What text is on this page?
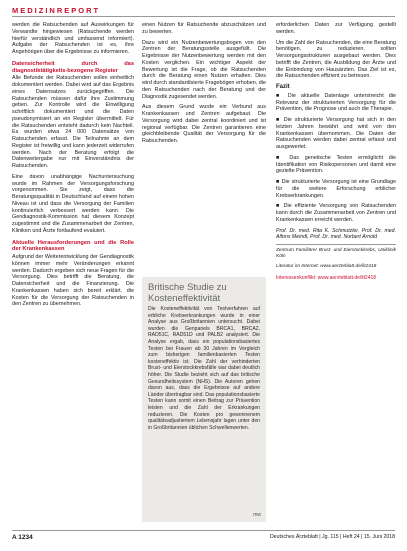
MEDIZINREPORT

werden die Ratsuchenden auf Auswirkungen für Verwandte hingewiesen (Ratsuchende werden hierfür verständlich und umfassend informiert). Aufgabe der Ratsuchenden ist es, ihre Angehörigen über die Ergebnisse zu informieren.

Datensicherheit durch das diagnostiktätigkeits-bezogene Register

Alle Befunde der Ratsuchenden sollen einheitlich dokumentiert werden. Dabei wird auf das Ergebnis eines Datensatzes zurückgegriffen. Die Ratsuchenden müssen dafür ihre Zustimmung geben. Zur Kontrolle wird die Einwilligung schriftlich dokumentiert und die Daten pseudonymisiert an ein Register übermittelt. Für die Ratsuchenden entsteht dadurch kein Nachteil. Es wurden etwa 24 000 Datensätze von Ratsuchenden erfasst. Die Teilnahme an dem Register ist freiwillig und kann jederzeit widerrufen werden. Nach der Beratung erfolgt die Datenweitergabe nur mit Einverständnis der Ratsuchenden.

Eine davon unabhängige Nachuntersuchung wurde im Rahmen der Versorgungsforschung vorgenommen. Sie zeigt, dass die Beratungsqualität in Deutschland auf einem hohen Niveau ist und dass die Versorgung der Familien kontinuierlich verbessert werden kann. Die Gendiagnostik-Kommission hat diesem Konzept zugestimmt und die Zusammenarbeit der Zentren, Kliniken und Ärzte fortlaufend evaluiert.

Aktuelle Herausforderungen und die Rolle der Krankenkassen

Aufgrund der Weiterentwicklung der Gendiagnostik können immer mehr Veränderungen erkannt werden. Dadurch ergeben sich neue Fragen für die Versorgung. Dies betrifft die Beratung, die Datensicherheit und die Finanzierung. Die Krankenkassen haben sich bereit erklärt, die Kosten für die Versorgung der Ratsuchenden in den Zentren zu übernehmen.

einen Nutzen für Ratsuchende abzuschätzen und zu bewerten.

Dazu wird ein Nutzenbewertungsbogen von den Zentren der Beratungsstelle ausgefüllt. Die Ergebnisse der Nutzenbewertung werden mit den Kosten verglichen. Ein wichtiger Aspekt der Bewertung ist die Frage, ob die Ratsuchenden durch die Beratung einen Nutzen erhalten. Dies wird durch standardisierte Fragebögen erhoben, die den Ratsuchenden nach der Beratung und der Diagnostik zugesendet werden.

Aus diesem Grund wurde ein Verbund aus Krankenkassen und Zentren aufgebaut. Die Versorgung wird dabei zentral koordiniert und ist regional verfügbar. Die Zentren garantieren eine gleichbleibende Qualität der Versorgung für die Ratsuchenden.

Britische Studie zu Kosteneffektivität
Die Kosteneffektivität von Testverfahren auf erbliche Krebserkrankungen wurde in einer Analyse aus Großbritannien untersucht. Dabei wurden die Genpanels BRCA1, BRCA2, RAD51C, RAD51D und PALB2 analysiert. Die Analyse ergab, dass ein populationsbasiertes Testen bei Frauen ab 30 Jahren im Vergleich zum bisherigen familienbasierten Testen kosteneffektiv ist. Die Zahl der verhinderten Brust- und Eierstockkrebsfälle war dabei deutlich höher. Die Studie bezieht sich auf das britische Gesundheitssystem (NHS). Die Autoren gehen davon aus, dass die Ergebnisse auf andere Länder übertragbar sind. Das populationsbasierte Testen kann somit einen Beitrag zur Prävention leisten und die Zahl der Erkrankungen reduzieren. Die Kosten pro gewonnenem qualitätsadjustiertem Lebensjahr lagen unter den in Großbritannien üblichen Schwellenwerten.
mw

erforderlichen Daten zur Verfügung gestellt werden.

Um die Zahl der Ratsuchenden, die eine Beratung benötigen, zu reduzieren, sollten Versorgungsstrukturen ausgebaut werden. Dies betrifft die Zentren, die Ausbildung der Ärzte und die Einbindung von Hausärzten. Das Ziel ist es, die Ratsuchenden effizient zu betreuen.

Fazit

■ Die aktuelle Datenlage unterstreicht die Relevanz der strukturierten Versorgung für die Prävention, die Prognose und auch die Therapie.

■ Die strukturierte Versorgung hat sich in den letzten Jahren bewährt und wird von den Krankenkassen übernommen. Die Daten der Ratsuchenden werden dabei zentral erfasst und ausgewertet.

■ Das genetische Testen ermöglicht die Identifikation von Risikopersonen und damit eine gezielte Prävention.

■ Die strukturierte Versorgung ist eine Grundlage für die weitere Erforschung erblicher Krebserkrankungen.

■ Die effiziente Versorgung von Ratsuchenden kann durch die Zusammenarbeit von Zentren und Krankenkassen erreicht werden.

Prof. Dr. med. Rita K. Schmutzler, Prof. Dr. med. Alfons Meindl, Prof. Dr. med. Norbert Arnold
Zentrum Familiärer Brust- und Eierstockkrebs, Uniklinik Köln
Literatur im Internet: www.aerzteblatt.de/lit2418
Interessenkonflikt: www.aerzteblatt.de/lit2418
A 1234	Deutsches Ärzteblatt | Jg. 115 | Heft 24 | 15. Juni 2018
